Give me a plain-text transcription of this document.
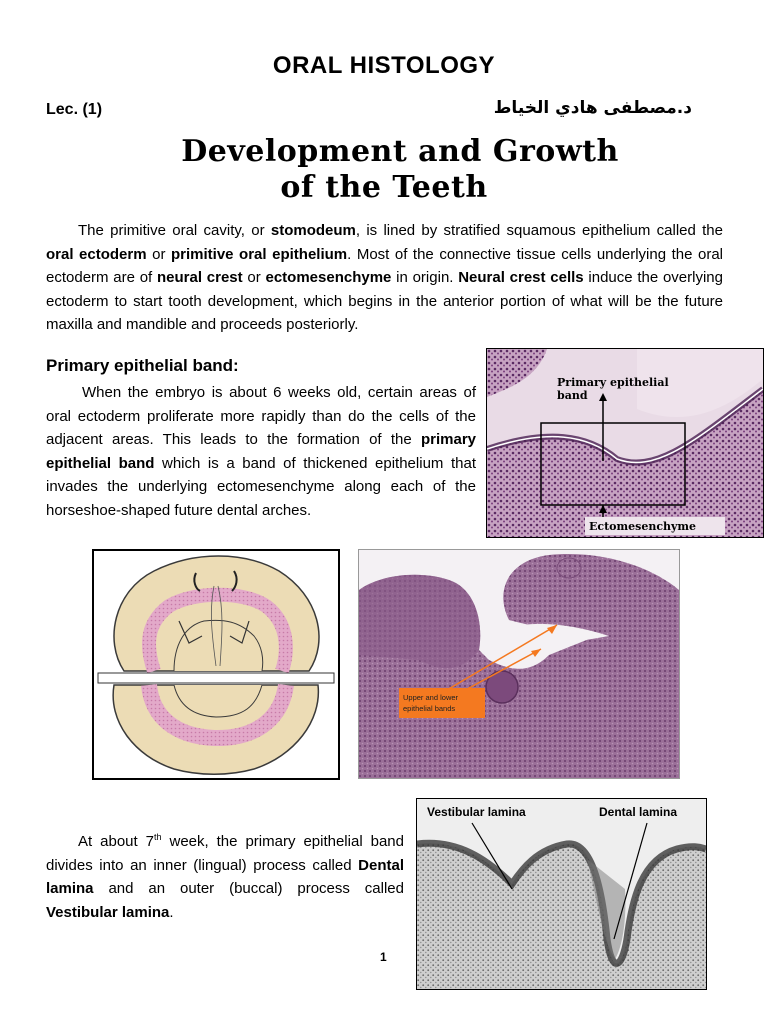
ORAL HISTOLOGY
Lec. (1)	د.مصطفى هادي الخياط
Development and Growth
of the Teeth
The primitive oral cavity, or stomodeum, is lined by stratified squamous epithelium called the oral ectoderm or primitive oral epithelium. Most of the connective tissue cells underlying the oral ectoderm are of neural crest or ectomesenchyme in origin. Neural crest cells induce the overlying ectoderm to start tooth development, which begins in the anterior portion of what will be the future maxilla and mandible and proceeds posteriorly.
Primary epithelial band:
When the embryo is about 6 weeks old, certain areas of oral ectoderm proliferate more rapidly than do the cells of the adjacent areas. This leads to the formation of the primary epithelial band which is a band of thickened epithelium that invades the underlying ectomesenchyme along each of the horseshoe-shaped future dental arches.
Primary epithelial
band
Ectomesenchyme
Upper and lower
epithelial bands
At about 7th week, the primary epithelial band divides into an inner (lingual) process called Dental lamina and an outer (buccal) process called Vestibular lamina.
Vestibular lamina	Dental lamina
1
